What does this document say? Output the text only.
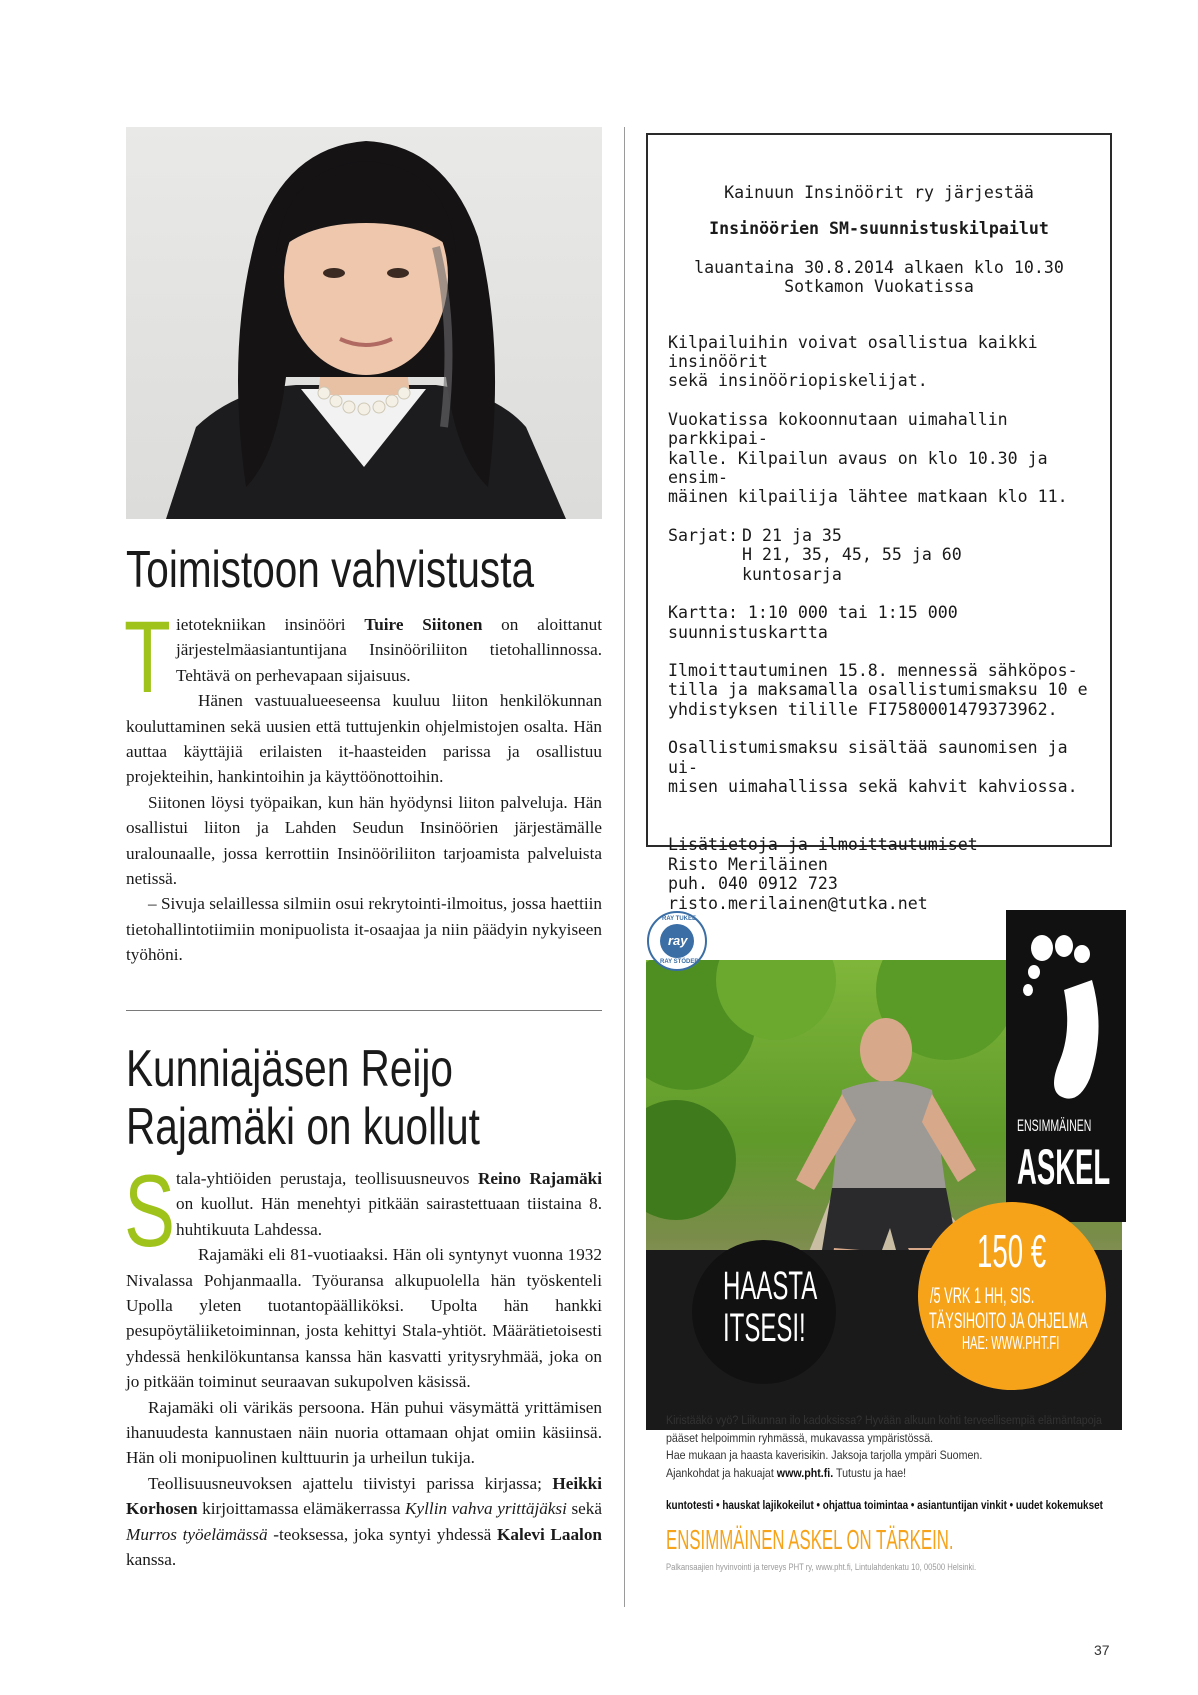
Toimistoon vahvistusta

Tietotekniikan insinööri Tuire Siitonen on aloittanut järjestelmäasiantuntijana Insinööriliiton tietohallinnossa. Tehtävä on perhevapaan sijaisuus.

Hänen vastuualueeseensa kuuluu liiton henkilökunnan kouluttaminen sekä uusien että tuttujenkin ohjelmistojen osalta. Hän auttaa käyttäjiä erilaisten it-haasteiden parissa ja osallistuu projekteihin, hankintoihin ja käyttöönottoihin.

Siitonen löysi työpaikan, kun hän hyödynsi liiton palveluja. Hän osallistui liiton ja Lahden Seudun Insinöörien järjestämälle uralounaalle, jossa kerrottiin Insinööriliiton tarjoamista palveluista netissä.

– Sivuja selaillessa silmiin osui rekrytointi-ilmoitus, jossa haettiin tietohallintotiimiin monipuolista it-osaajaa ja niin päädyin nykyiseen työhöni.

Kunniajäsen Reijo Rajamäki on kuollut

Stala-yhtiöiden perustaja, teollisuusneuvos Reino Rajamäki on kuollut. Hän menehtyi pitkään sairastettuaan tiistaina 8. huhtikuuta Lahdessa.

Rajamäki eli 81-vuotiaaksi. Hän oli syntynyt vuonna 1932 Nivalassa Pohjanmaalla. Työuransa alkupuolella hän työskenteli Upolla yleten tuotantopäälliköksi. Upolta hän hankki pesupöytäliiketoiminnan, josta kehittyi Stala-yhtiöt. Määrätietoisesti yhdessä henkilökuntansa kanssa hän kasvatti yritysryhmää, joka on jo pitkään toiminut seuraavan sukupolven käsissä.

Rajamäki oli värikäs persoona. Hän puhui väsymättä yrittämisen ihanuudesta kannustaen näin nuoria ottamaan ohjat omiin käsiinsä. Hän oli monipuolinen kulttuurin ja urheilun tukija.

Teollisuusneuvoksen ajattelu tiivistyi parissa kirjassa; Heikki Korhosen kirjoittamassa elämäkerrassa Kyllin vahva yrittäjäksi sekä Murros työelämässä -teoksessa, joka syntyi yhdessä Kalevi Laalon kanssa.

Kainuun Insinöörit ry järjestää

Insinöörien SM-suunnistuskilpailut

lauantaina 30.8.2014 alkaen klo 10.30

Sotkamon Vuokatissa

Kilpailuihin voivat osallistua kaikki insinöörit
sekä insinööriopiskelijat.

Vuokatissa kokoonnutaan uimahallin parkkipai-
kalle. Kilpailun avaus on klo 10.30 ja ensim-
mäinen kilpailija lähtee matkaan klo 11.

Sarjat: D 21 ja 35
H 21, 35, 45, 55 ja 60
kuntosarja

Kartta: 1:10 000 tai 1:15 000 suunnistuskartta

Ilmoittautuminen 15.8. mennessä sähköpos-
tilla ja maksamalla osallistumismaksu 10 e
yhdistyksen tilille FI7580001479373962.

Osallistumismaksu sisältää saunomisen ja ui-
misen uimahallissa sekä kahvit kahviossa.

Lisätietoja ja ilmoittautumiset
Risto Meriläinen
puh. 040 0912 723
risto.merilainen@tutka.net

RAY TUKEE

ray

RAY STÖDER

ENSIMMÄINEN

ASKEL

HAASTA
ITSESI!

150 €

/5 VRK 1 HH, SIS.

TÄYSIHOITO JA OHJELMA

HAE: WWW.PHT.FI

Kiristääkö vyö? Liikunnan ilo kadoksissa? Hyvään alkuun kohti terveellisempiä elämäntapoja

pääset helpoimmin ryhmässä, mukavassa ympäristössä.

Hae mukaan ja haasta kaverisikin. Jaksoja tarjolla ympäri Suomen.

Ajankohdat ja hakuajat www.pht.fi. Tutustu ja hae!

kuntotesti • hauskat lajikokeilut • ohjattua toimintaa • asiantuntijan vinkit • uudet kokemukset

ENSIMMÄINEN ASKEL ON TÄRKEIN.

Palkansaajien hyvinvointi ja terveys PHT ry, www.pht.fi, Lintulahdenkatu 10, 00500 Helsinki.

37
